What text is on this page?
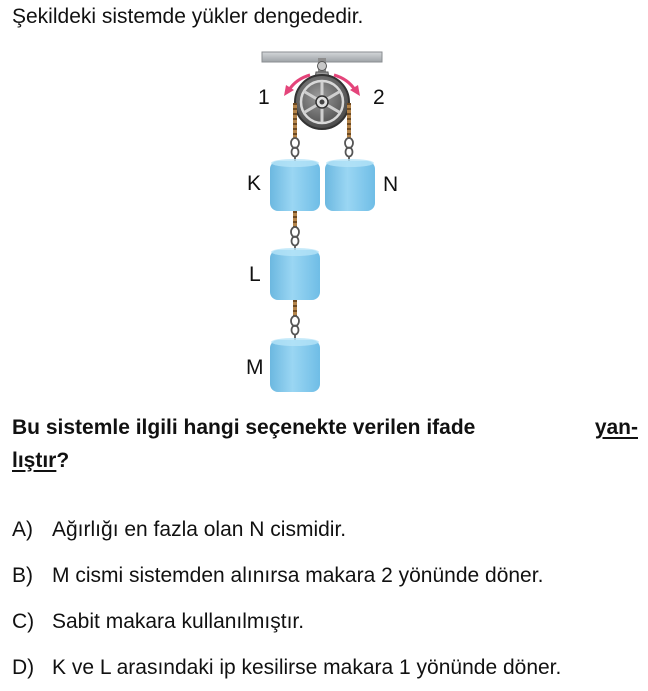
Şekildeki sistemde yükler dengededir.
1	2
K	N
L
M
Bu sistemle ilgili hangi seçenekte verilen ifade	yan-
lıştır?
A) Ağırlığı en fazla olan N cismidir.
B) M cismi sistemden alınırsa makara 2 yönünde döner.
C) Sabit makara kullanılmıştır.
D) K ve L arasındaki ip kesilirse makara 1 yönünde döner.
